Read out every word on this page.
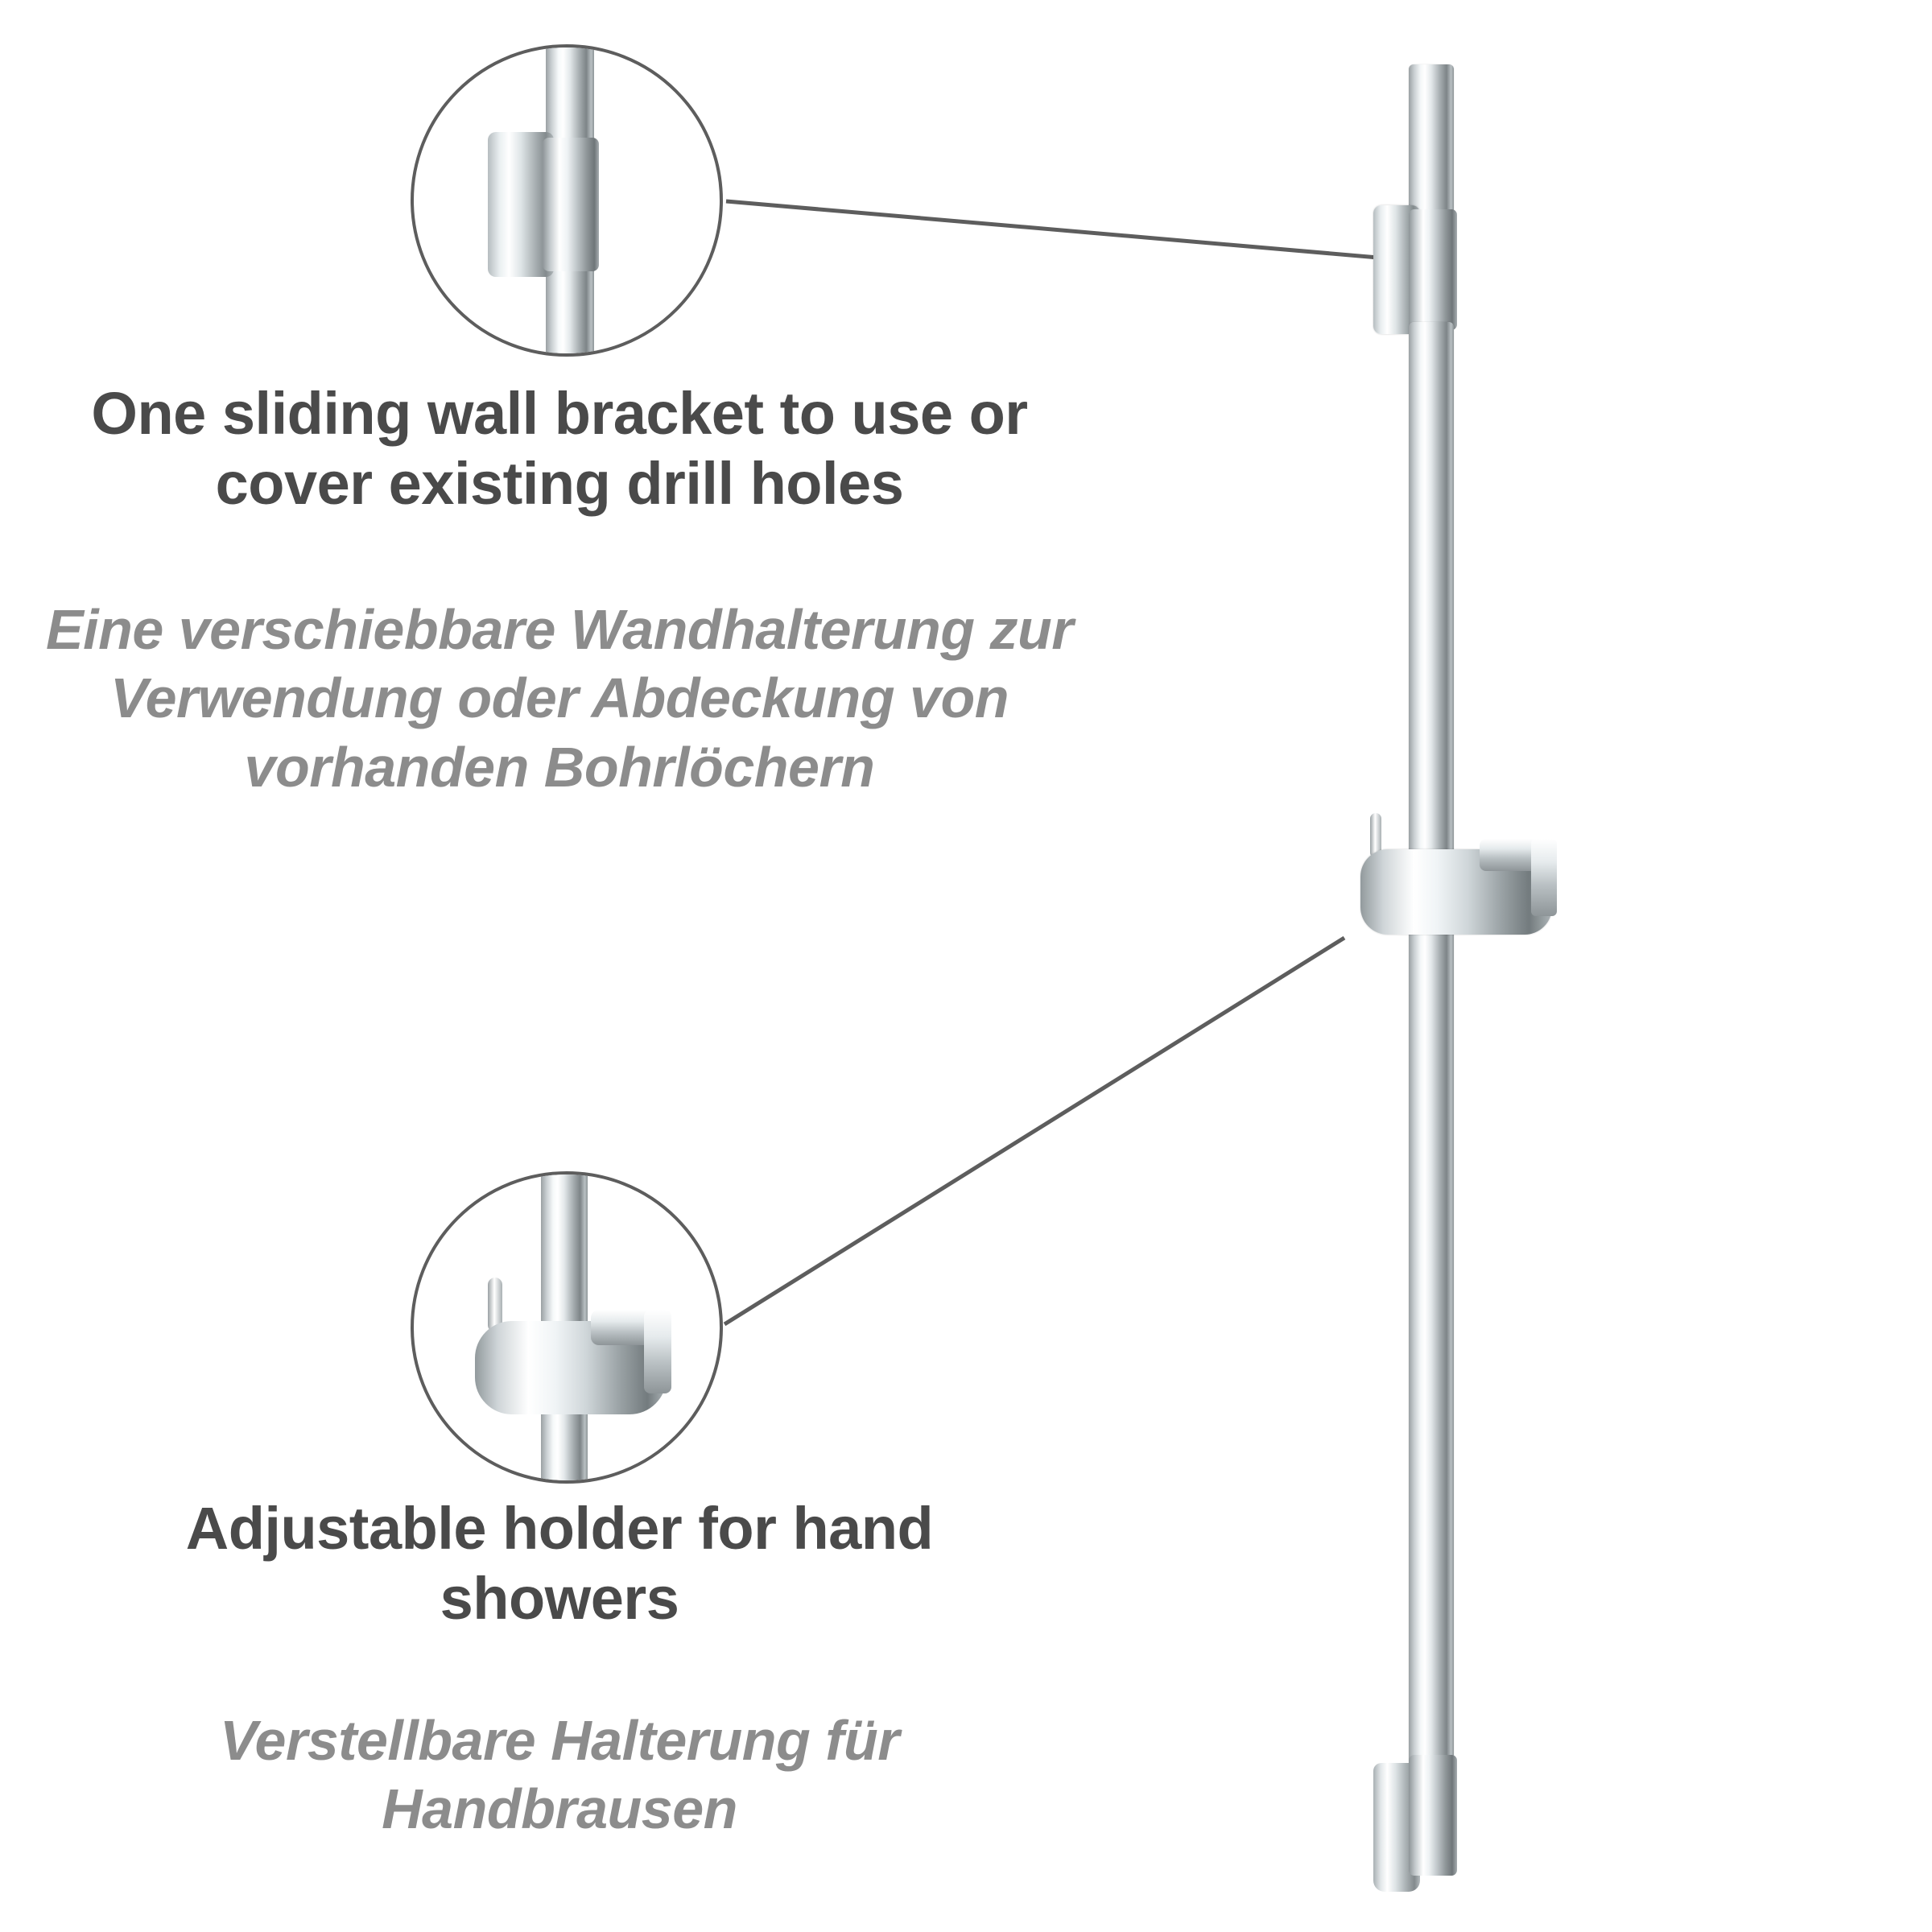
One sliding wall bracket to use or cover existing drill holes
Eine verschiebbare Wandhalterung zur Verwendung oder Abdeckung von vorhanden Bohrlöchern
Adjustable holder for hand showers
Verstellbare Halterung für Handbrausen
